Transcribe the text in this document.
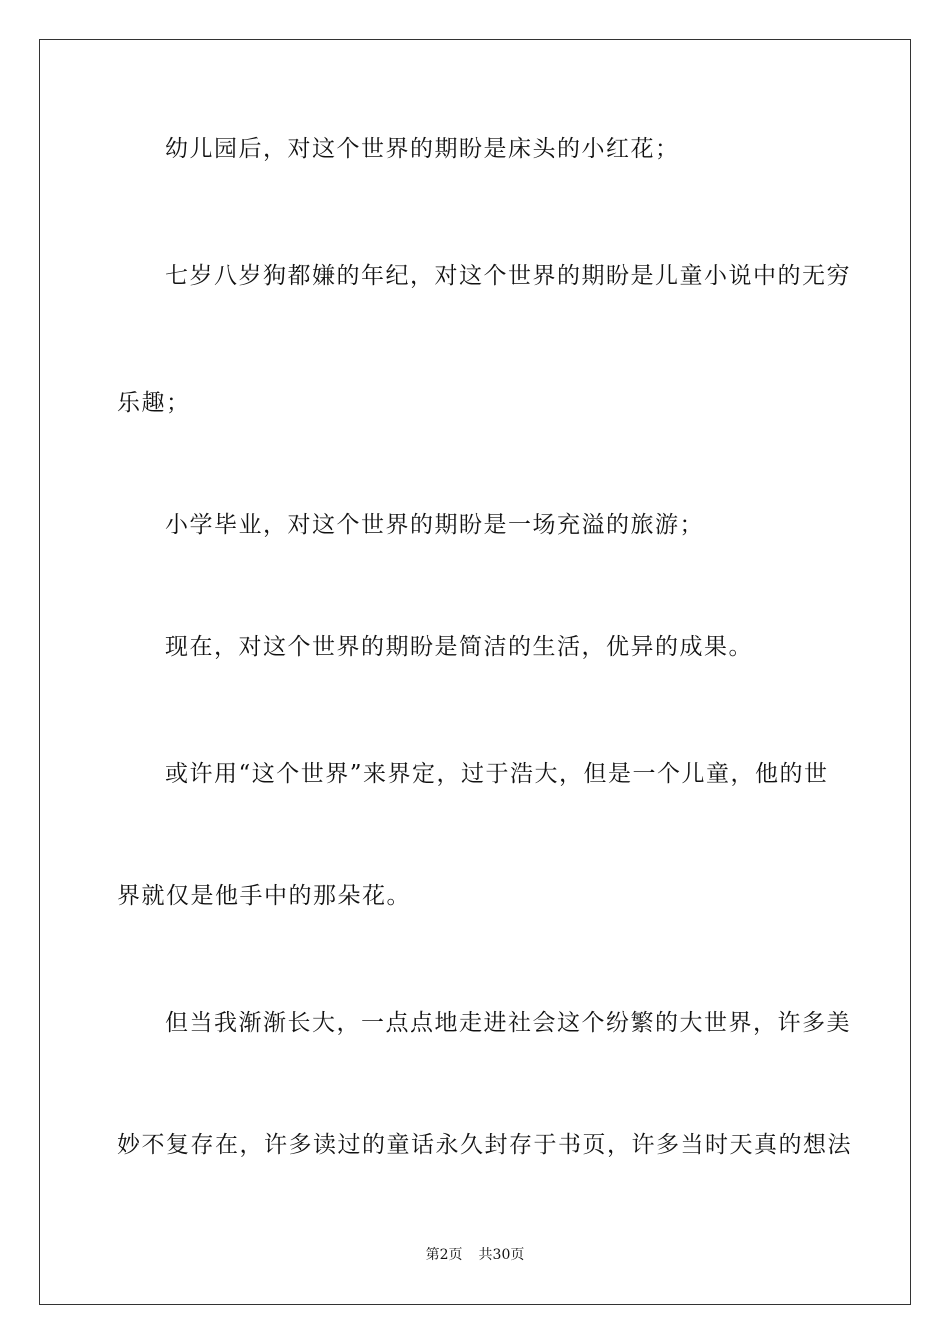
幼儿园后，对这个世界的期盼是床头的小红花；
七岁八岁狗都嫌的年纪，对这个世界的期盼是儿童小说中的无穷
乐趣；
小学毕业，对这个世界的期盼是一场充溢的旅游；
现在，对这个世界的期盼是简洁的生活，优异的成果。
或许用“这个世界”来界定，过于浩大，但是一个儿童，他的世
界就仅是他手中的那朵花。
但当我渐渐长大，一点点地走进社会这个纷繁的大世界，许多美
妙不复存在，许多读过的童话永久封存于书页，许多当时天真的想法
第2页 共30页
